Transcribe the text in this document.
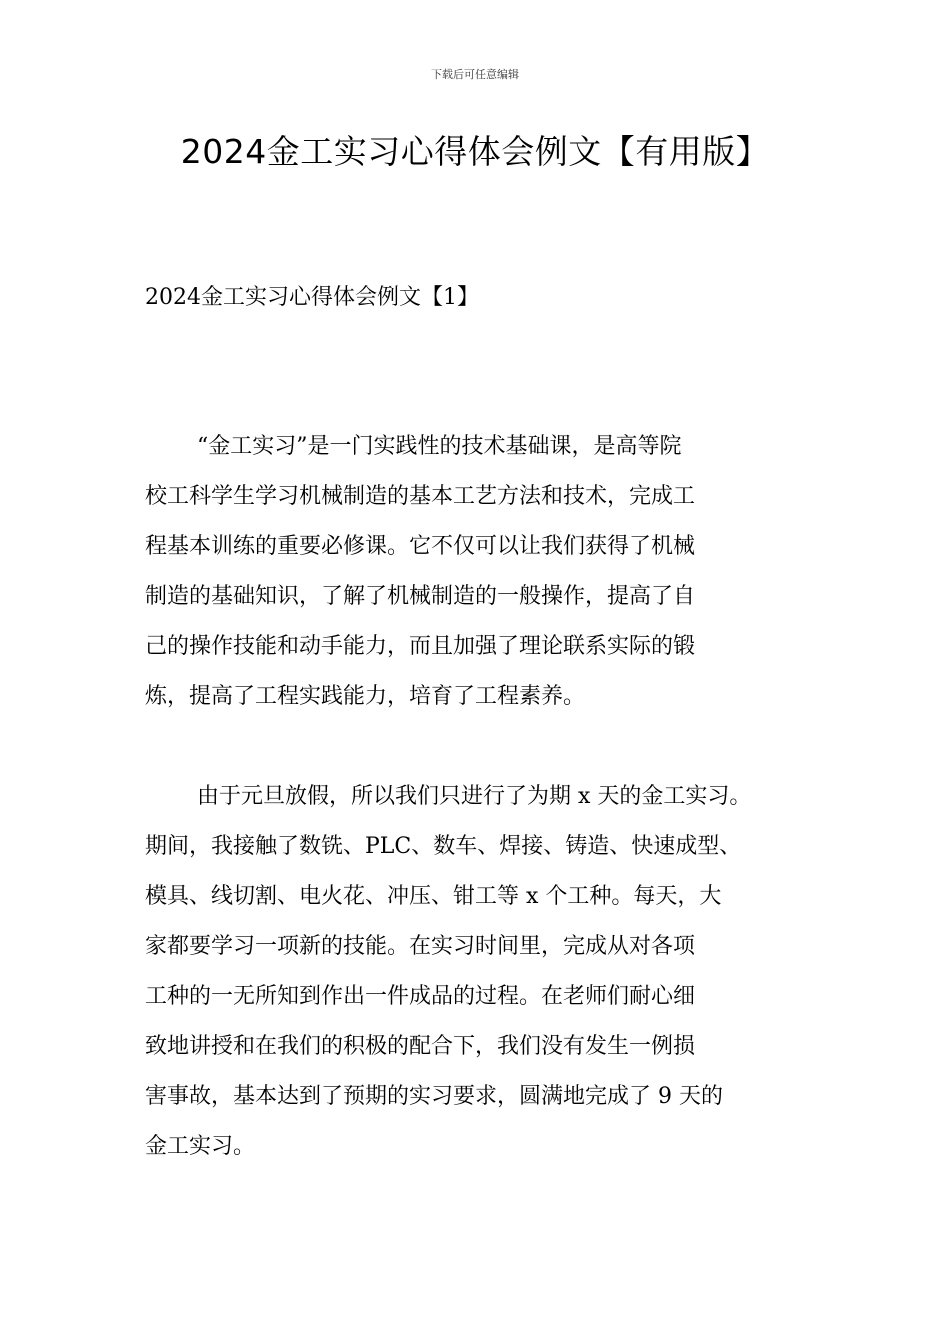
下载后可任意编辑
2024金工实习心得体会例文【有用版】
2024金工实习心得体会例文【1】
“金工实习”是一门实践性的技术基础课，是高等院
校工科学生学习机械制造的基本工艺方法和技术，完成工
程基本训练的重要必修课。它不仅可以让我们获得了机械
制造的基础知识，了解了机械制造的一般操作，提高了自
己的操作技能和动手能力，而且加强了理论联系实际的锻
炼，提高了工程实践能力，培育了工程素养。
由于元旦放假，所以我们只进行了为期 x 天的金工实习。
期间，我接触了数铣、PLC、数车、焊接、铸造、快速成型、
模具、线切割、电火花、冲压、钳工等 x 个工种。每天，大
家都要学习一项新的技能。在实习时间里，完成从对各项
工种的一无所知到作出一件成品的过程。在老师们耐心细
致地讲授和在我们的积极的配合下，我们没有发生一例损
害事故，基本达到了预期的实习要求，圆满地完成了 9 天的
金工实习。
